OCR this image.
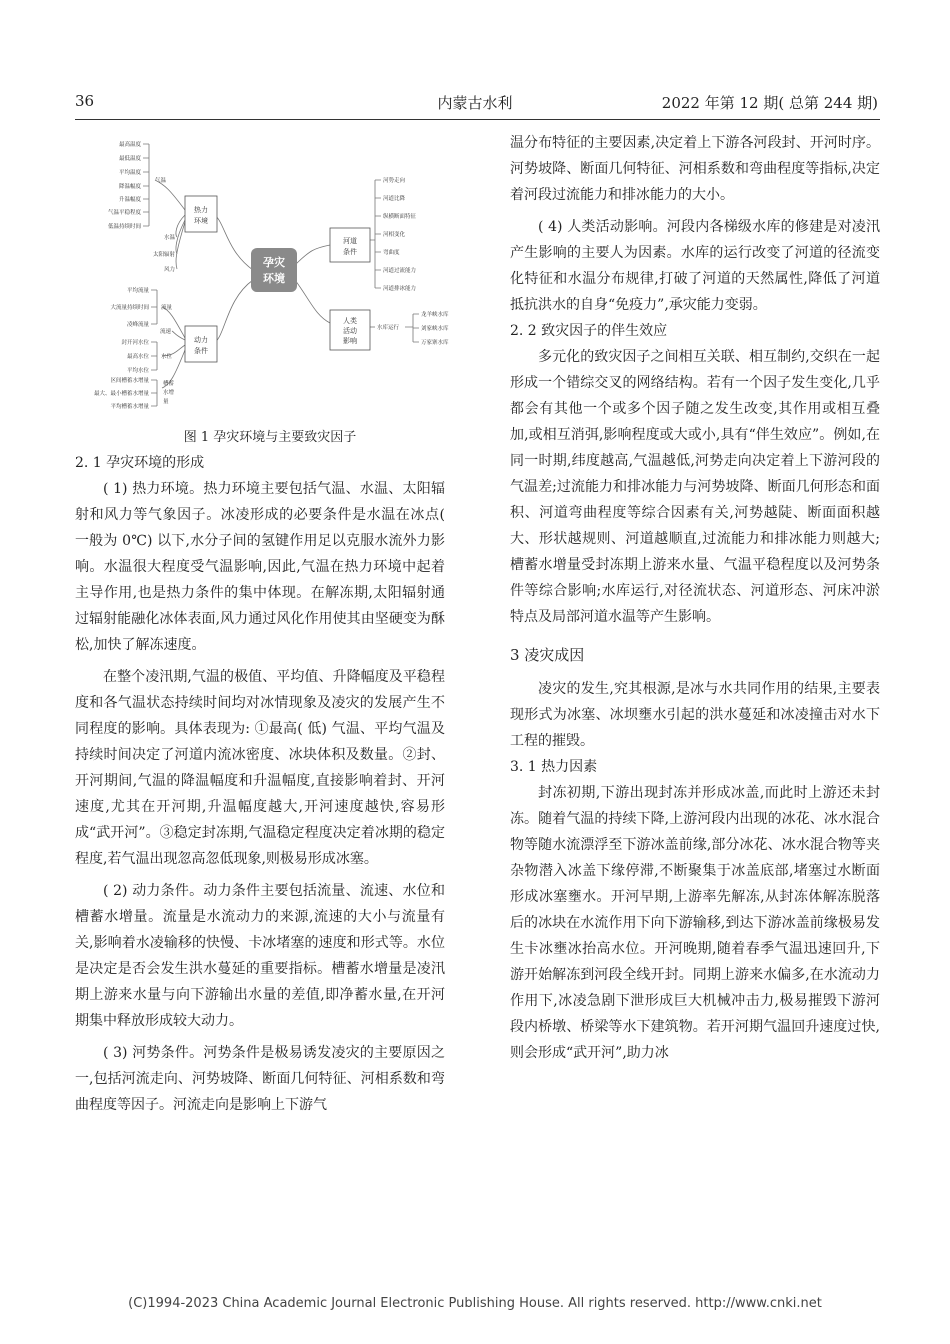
36	内蒙古水利	2022 年第 12 期( 总第 244 期)
孕灾
环境
热力
环境
动力
条件
河道
条件
人类
活动
影响
气温
最高温度
最低温度
平均温度
降温幅度
升温幅度
气温平稳程度
低温持续时间
水温
太阳辐射
风力
流量
平均流量
大流量持续时间
凌峰流量
流速
水位
封开河水位
最高水位
平均水位
槽蓄
水增
量
区间槽蓄水增量
最大、最小槽蓄水增量
平均槽蓄水增量
河势走向
河道比降
纵横断面特征
河相变化
弯曲度
河道过流能力
河道排冰能力
水库运行
龙羊峡水库
刘家峡水库
万家寨水库
图 1 孕灾环境与主要致灾因子

2. 1 孕灾环境的形成

( 1) 热力环境。热力环境主要包括气温、水温、太阳辐射和风力等气象因子。冰凌形成的必要条件是水温在冰点( 一般为 0℃) 以下,水分子间的氢键作用足以克服水流外力影响。水温很大程度受气温影响,因此,气温在热力环境中起着主导作用,也是热力条件的集中体现。在解冻期,太阳辐射通过辐射能融化冰体表面,风力通过风化作用使其由坚硬变为酥松,加快了解冻速度。

在整个凌汛期,气温的极值、平均值、升降幅度及平稳程度和各气温状态持续时间均对冰情现象及凌灾的发展产生不同程度的影响。具体表现为: ①最高( 低) 气温、平均气温及持续时间决定了河道内流冰密度、冰块体积及数量。②封、开河期间,气温的降温幅度和升温幅度,直接影响着封、开河速度,尤其在开河期,升温幅度越大,开河速度越快,容易形成“武开河”。③稳定封冻期,气温稳定程度决定着冰期的稳定程度,若气温出现忽高忽低现象,则极易形成冰塞。

( 2) 动力条件。动力条件主要包括流量、流速、水位和槽蓄水增量。流量是水流动力的来源,流速的大小与流量有关,影响着水凌输移的快慢、卡冰堵塞的速度和形式等。水位是决定是否会发生洪水蔓延的重要指标。槽蓄水增量是凌汛期上游来水量与向下游输出水量的差值,即净蓄水量,在开河期集中释放形成较大动力。

( 3) 河势条件。河势条件是极易诱发凌灾的主要原因之一,包括河流走向、河势坡降、断面几何特征、河相系数和弯曲程度等因子。河流走向是影响上下游气

温分布特征的主要因素,决定着上下游各河段封、开河时序。河势坡降、断面几何特征、河相系数和弯曲程度等指标,决定着河段过流能力和排冰能力的大小。

( 4) 人类活动影响。河段内各梯级水库的修建是对凌汛产生影响的主要人为因素。水库的运行改变了河道的径流变化特征和水温分布规律,打破了河道的天然属性,降低了河道抵抗洪水的自身“免疫力”,承灾能力变弱。

2. 2 致灾因子的伴生效应

多元化的致灾因子之间相互关联、相互制约,交织在一起形成一个错综交叉的网络结构。若有一个因子发生变化,几乎都会有其他一个或多个因子随之发生改变,其作用或相互叠加,或相互消弭,影响程度或大或小,具有“伴生效应”。例如,在同一时期,纬度越高,气温越低,河势走向决定着上下游河段的气温差;过流能力和排冰能力与河势坡降、断面几何形态和面积、河道弯曲程度等综合因素有关,河势越陡、断面面积越大、形状越规则、河道越顺直,过流能力和排冰能力则越大;槽蓄水增量受封冻期上游来水量、气温平稳程度以及河势条件等综合影响;水库运行,对径流状态、河道形态、河床冲淤特点及局部河道水温等产生影响。

3 凌灾成因

凌灾的发生,究其根源,是冰与水共同作用的结果,主要表现形式为冰塞、冰坝壅水引起的洪水蔓延和冰凌撞击对水下工程的摧毁。

3. 1 热力因素

封冻初期,下游出现封冻并形成冰盖,而此时上游还未封冻。随着气温的持续下降,上游河段内出现的冰花、冰水混合物等随水流漂浮至下游冰盖前缘,部分冰花、冰水混合物等夹杂物潜入冰盖下缘停滞,不断聚集于冰盖底部,堵塞过水断面形成冰塞壅水。开河早期,上游率先解冻,从封冻体解冻脱落后的冰块在水流作用下向下游输移,到达下游冰盖前缘极易发生卡冰壅冰抬高水位。开河晚期,随着春季气温迅速回升,下游开始解冻到河段全线开封。同期上游来水偏多,在水流动力作用下,冰凌急剧下泄形成巨大机械冲击力,极易摧毁下游河段内桥墩、桥梁等水下建筑物。若开河期气温回升速度过快,则会形成“武开河”,助力冰

(C)1994-2023 China Academic Journal Electronic Publishing House. All rights reserved. http://www.cnki.net
